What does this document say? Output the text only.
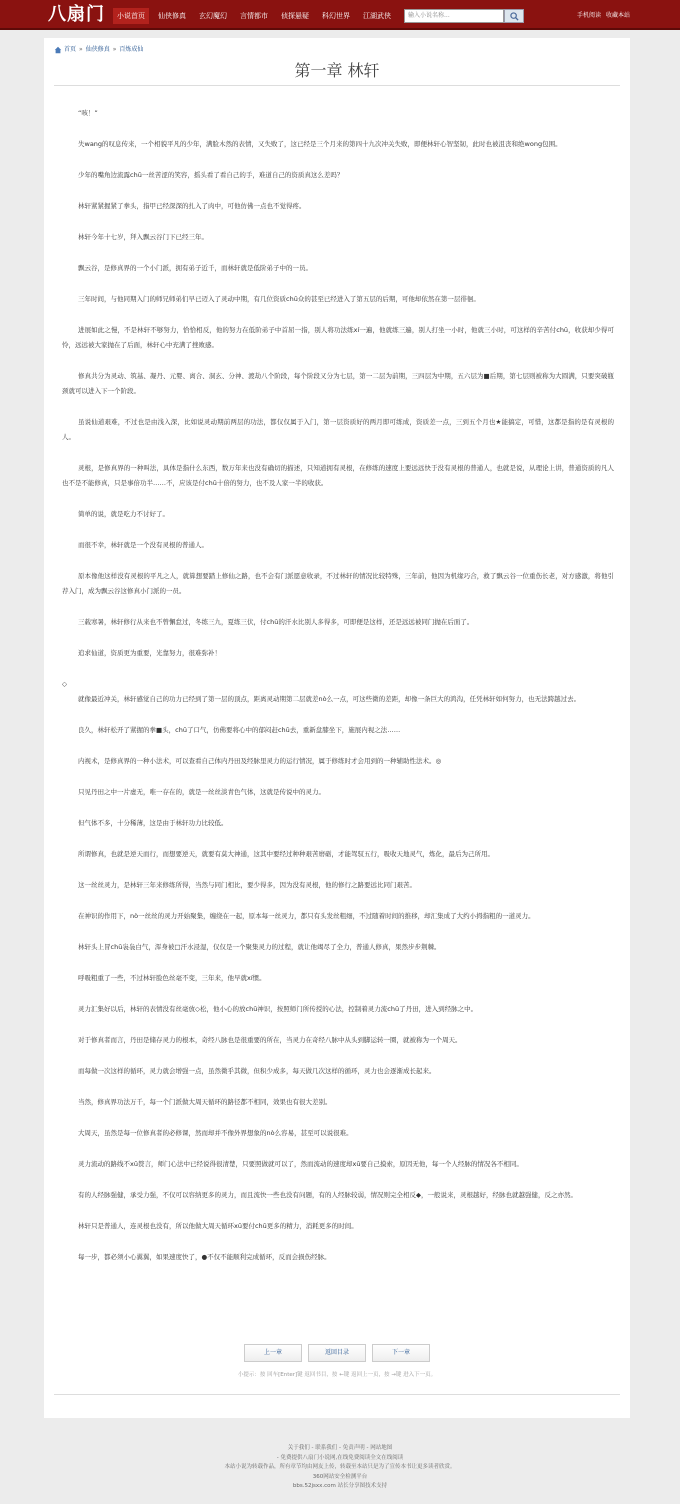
八扇门	小说首页	仙侠修真	玄幻魔幻	言情都市	侦探悬疑	科幻世界	江湖武侠	输入小说名称...	手机阅读 收藏本站
首页 » 仙侠修真 » 百炼成仙
第一章 林轩

“咳！”

失wang的叹息传来，一个相貌平凡的少年，满脸木然的表情，又失败了，这已经是三个月来的第四十九次冲关失败，即便林轩心智坚韧，此时也被沮丧和绝wong包围。

少年的嘴角边流露chū一丝苦涩的笑容，摇头看了看自己的手，难道自己的资质真这么差吗？

林轩紧紧握紧了拳头，指甲已经深深的扎入了肉中，可他仿佛一点也不觉得疼。

林轩今年十七岁，拜入飘云谷门下已经三年。

飘云谷，是修真界的一个小门派，拥有弟子近千，而林轩就是低阶弟子中的一员。

三年时间，与他同期入门的师兄师弟们早已迈入了灵动中期，有几位资质chū众的甚至已经进入了第五层的后期，可他却依然在第一层徘徊。

进展如此之慢，不是林轩不够努力，恰恰相反，他的努力在低阶弟子中首屈一指，别人将功法练xí一遍，他就练三遍，别人打坐一小时，他就三小时，可这样的辛苦付chū，收获却少得可怜，远远被大家抛在了后面，林轩心中充满了挫败感。

修真共分为灵动、筑基、凝丹、元婴、离合、洞玄、分神、渡劫八个阶段，每个阶段又分为七层，第一二层为前期，三四层为中期，五六层为■后期，第七层则被称为大圆满，只要突破瓶颈就可以进入下一个阶段。

虽说仙道艰难，不过也是由浅入深，比如说灵动期前两层的功法，都仅仅属于入门，第一层资质好的两月即可练成，资质差一点，三到五个月也★能搞定，可惜，这都是指的是有灵根的人。

灵根，是修真界的一种叫法，具体是指什么东西，数万年来也没有确切的描述，只知道拥有灵根，在修练的速度上要远远快于没有灵根的普通人，也就是说，从理论上讲，普通资质的凡人也不是不能修真，只是事倍功半……不，应该是付chū十倍的努力，也不及人家一半的收获。

简单的说，就是吃力不讨好了。

而很不幸，林轩就是一个没有灵根的普通人。

原本像他这样没有灵根的平凡之人，就算想要踏上修仙之路，也不会有门派愿意收录，不过林轩的情况比较特殊，三年前，他因为机缘巧合，救了飘云谷一位重伤长老，对方感激，将他引荐入门，成为飘云谷这修真小门派的一员。

三载寒暑，林轩修行从来也不曾懈怠过，冬练三九，夏练三伏，付chū的汗水比别人多得多，可即便是这样，还是远远被同门抛在后面了。

追求仙道，资质更为重要，光靠努力，很难弥补！

◇

就像最近冲关，林轩感觉自己的功力已经到了第一层的顶点，距离灵动期第二层就差nò么一点，可这些微的差距，却像一条巨大的鸿沟，任凭林轩如何努力，也无法跨越过去。

良久，林轩松开了紧握的拳■头，chū了口气，仿佛要将心中的郁闷赶chū去，重新盘膝坐下，施展内视之法……

内视术，是修真界的一种小法术，可以查看自己体内丹田及经脉里灵力的运行情况，属于修练时才会用到的一种辅助性法术。◎

只见丹田之中一片虚无，唯一存在的，就是一丝丝淡青色气体，这就是传说中的灵力。

但气体不多，十分稀薄，这是由于林轩功力比较低。

所谓修真，也就是逆天而行，而想要逆天，就要有莫大神通，这其中要经过种种艰苦磨砺，才能驾驭五行，吸收天地灵气，炼化，最后为己所用。

这一丝丝灵力，是林轩三年来修练所得，当然与同门相比，要少得多，因为没有灵根，他的修行之路要远比同门艰苦。

在神识的作用下，nò一丝丝的灵力开始聚集，缠绕在一起，原本每一丝灵力，都只有头发丝粗细，不过随着时间的推移，却汇集成了大约小拇指粗的一道灵力。

林轩头上冒chū袅袅白气，浑身被□汗水浸湿，仅仅是一个聚集灵力的过程，就让他竭尽了全力，普通人修真，果然步步荆棘。

呼吸粗重了一些，不过林轩脸色丝毫不变，三年来，他早就xí惯。

灵力汇集好以后，林轩的表情没有丝毫放◇松，他小心的放chū神识，按照师门所传授的心法，控制着灵力流chū了丹田，进入到经脉之中。

对于修真者而言，丹田是储存灵力的根本，奇经八脉也是很重要的所在，当灵力在奇经八脉中从头到脚运转一圈，就被称为一个周天。

而每做一次这样的循环，灵力就会增强一点，虽然微乎其微，但积少成多，每天做几次这样的循环，灵力也会逐渐成长起来。

当然，修真界功法万千，每一个门派做大周天循环的路径都不相同，效果也有很大差别。

大周天，虽然是每一位修真者的必修课，然而却并不像外界想象的nò么容易，甚至可以说很难。

灵力流动的路线不xū赘言，师门心法中已经说得很清楚，只要照做就可以了，然而流动的速度却xū要自己摸索，原因无他，每一个人经脉的情况各不相同。

有的人经脉强健，承受力强，不仅可以容纳更多的灵力，而且流快一些也没有问题，有的人经脉较弱，情况则完全相反◆，一般说来，灵根越好，经脉也就越强健，反之亦然。

林轩只是普通人，连灵根也没有，所以他做大周天循环xū要付chū更多的精力，消耗更多的时间。

每一步，都必须小心翼翼，如果速度快了，●不仅不能顺利完成循环，反而会损伤经脉。

上一章	返回目录	下一章
小提示：按 回车[Enter]键 返回书目，按 ←键 返回上一页，按 →键 进入下一页。
关于我们 - 联系我们 - 免责声明 - 网站地图
- 免费提供八扇门小说网,在线免费阅读全文在线阅读
本站小说为转载作品，所有章节均由网友上传，转载至本站只是为了宣传本书让更多读者欣赏。
360网站安全检测平台
bbs.52jsxx.com 站长分享图技术支持
